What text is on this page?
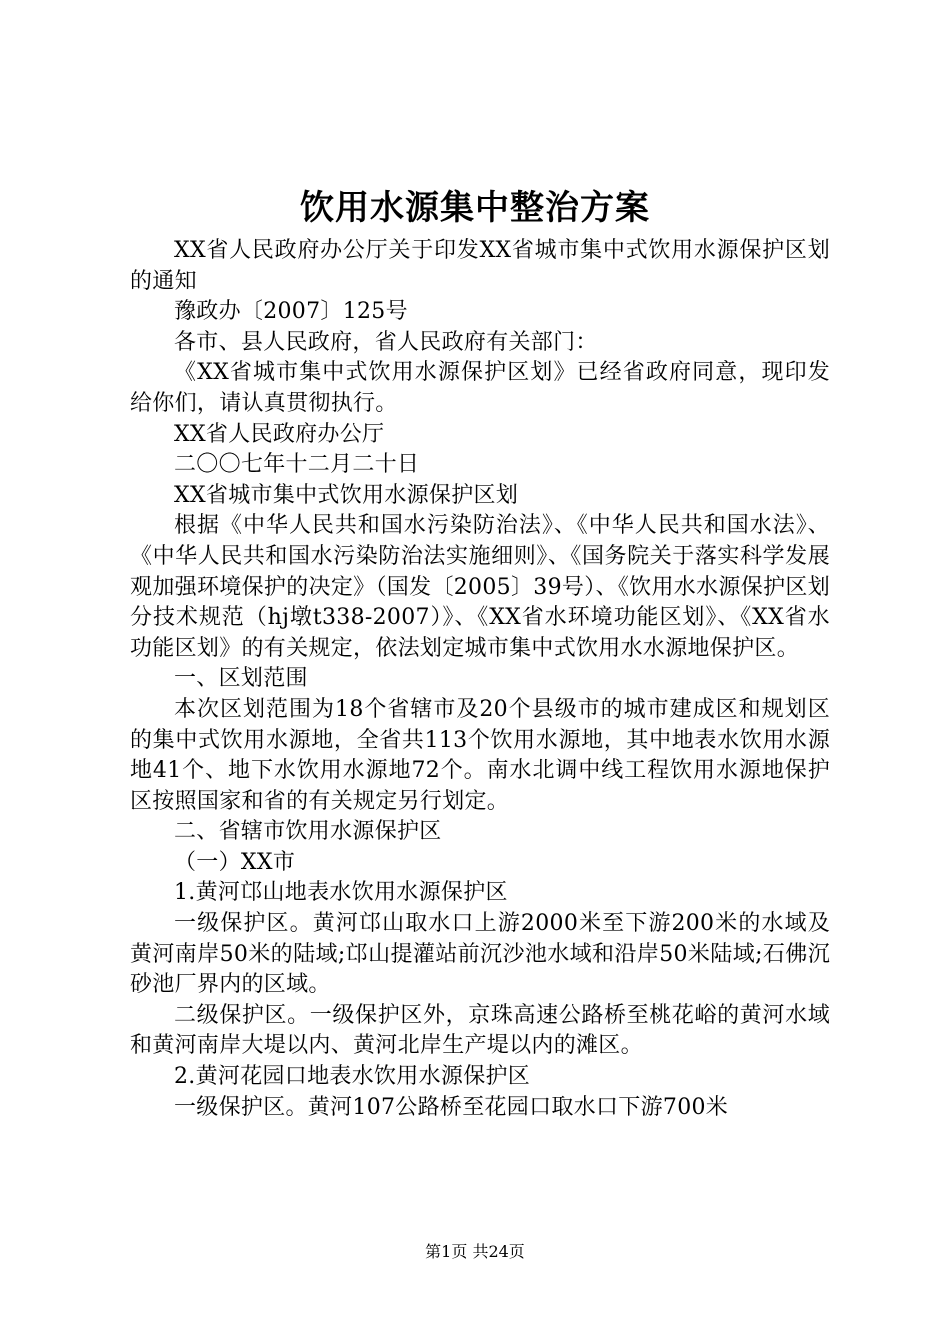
饮用水源集中整治方案

XX省人民政府办公厅关于印发XX省城市集中式饮用水源保护区划的通知

豫政办〔2007〕125号

各市、县人民政府，省人民政府有关部门：

《XX省城市集中式饮用水源保护区划》已经省政府同意，现印发给你们，请认真贯彻执行。

XX省人民政府办公厅

二〇〇七年十二月二十日

XX省城市集中式饮用水源保护区划

根据《中华人民共和国水污染防治法》、《中华人民共和国水法》、《中华人民共和国水污染防治法实施细则》、《国务院关于落实科学发展观加强环境保护的决定》（国发〔2005〕39号）、《饮用水水源保护区划分技术规范（hj墩t338-2007）》、《XX省水环境功能区划》、《XX省水功能区划》的有关规定，依法划定城市集中式饮用水水源地保护区。

一、区划范围

本次区划范围为18个省辖市及20个县级市的城市建成区和规划区的集中式饮用水源地，全省共113个饮用水源地，其中地表水饮用水源地41个、地下水饮用水源地72个。南水北调中线工程饮用水源地保护区按照国家和省的有关规定另行划定。

二、省辖市饮用水源保护区

（一）XX市

1.黄河邙山地表水饮用水源保护区

一级保护区。黄河邙山取水口上游2000米至下游200米的水域及黄河南岸50米的陆域;邙山提灌站前沉沙池水域和沿岸50米陆域;石佛沉砂池厂界内的区域。

二级保护区。一级保护区外，京珠高速公路桥至桃花峪的黄河水域和黄河南岸大堤以内、黄河北岸生产堤以内的滩区。

2.黄河花园口地表水饮用水源保护区

一级保护区。黄河107公路桥至花园口取水口下游700米

第1页 共24页
